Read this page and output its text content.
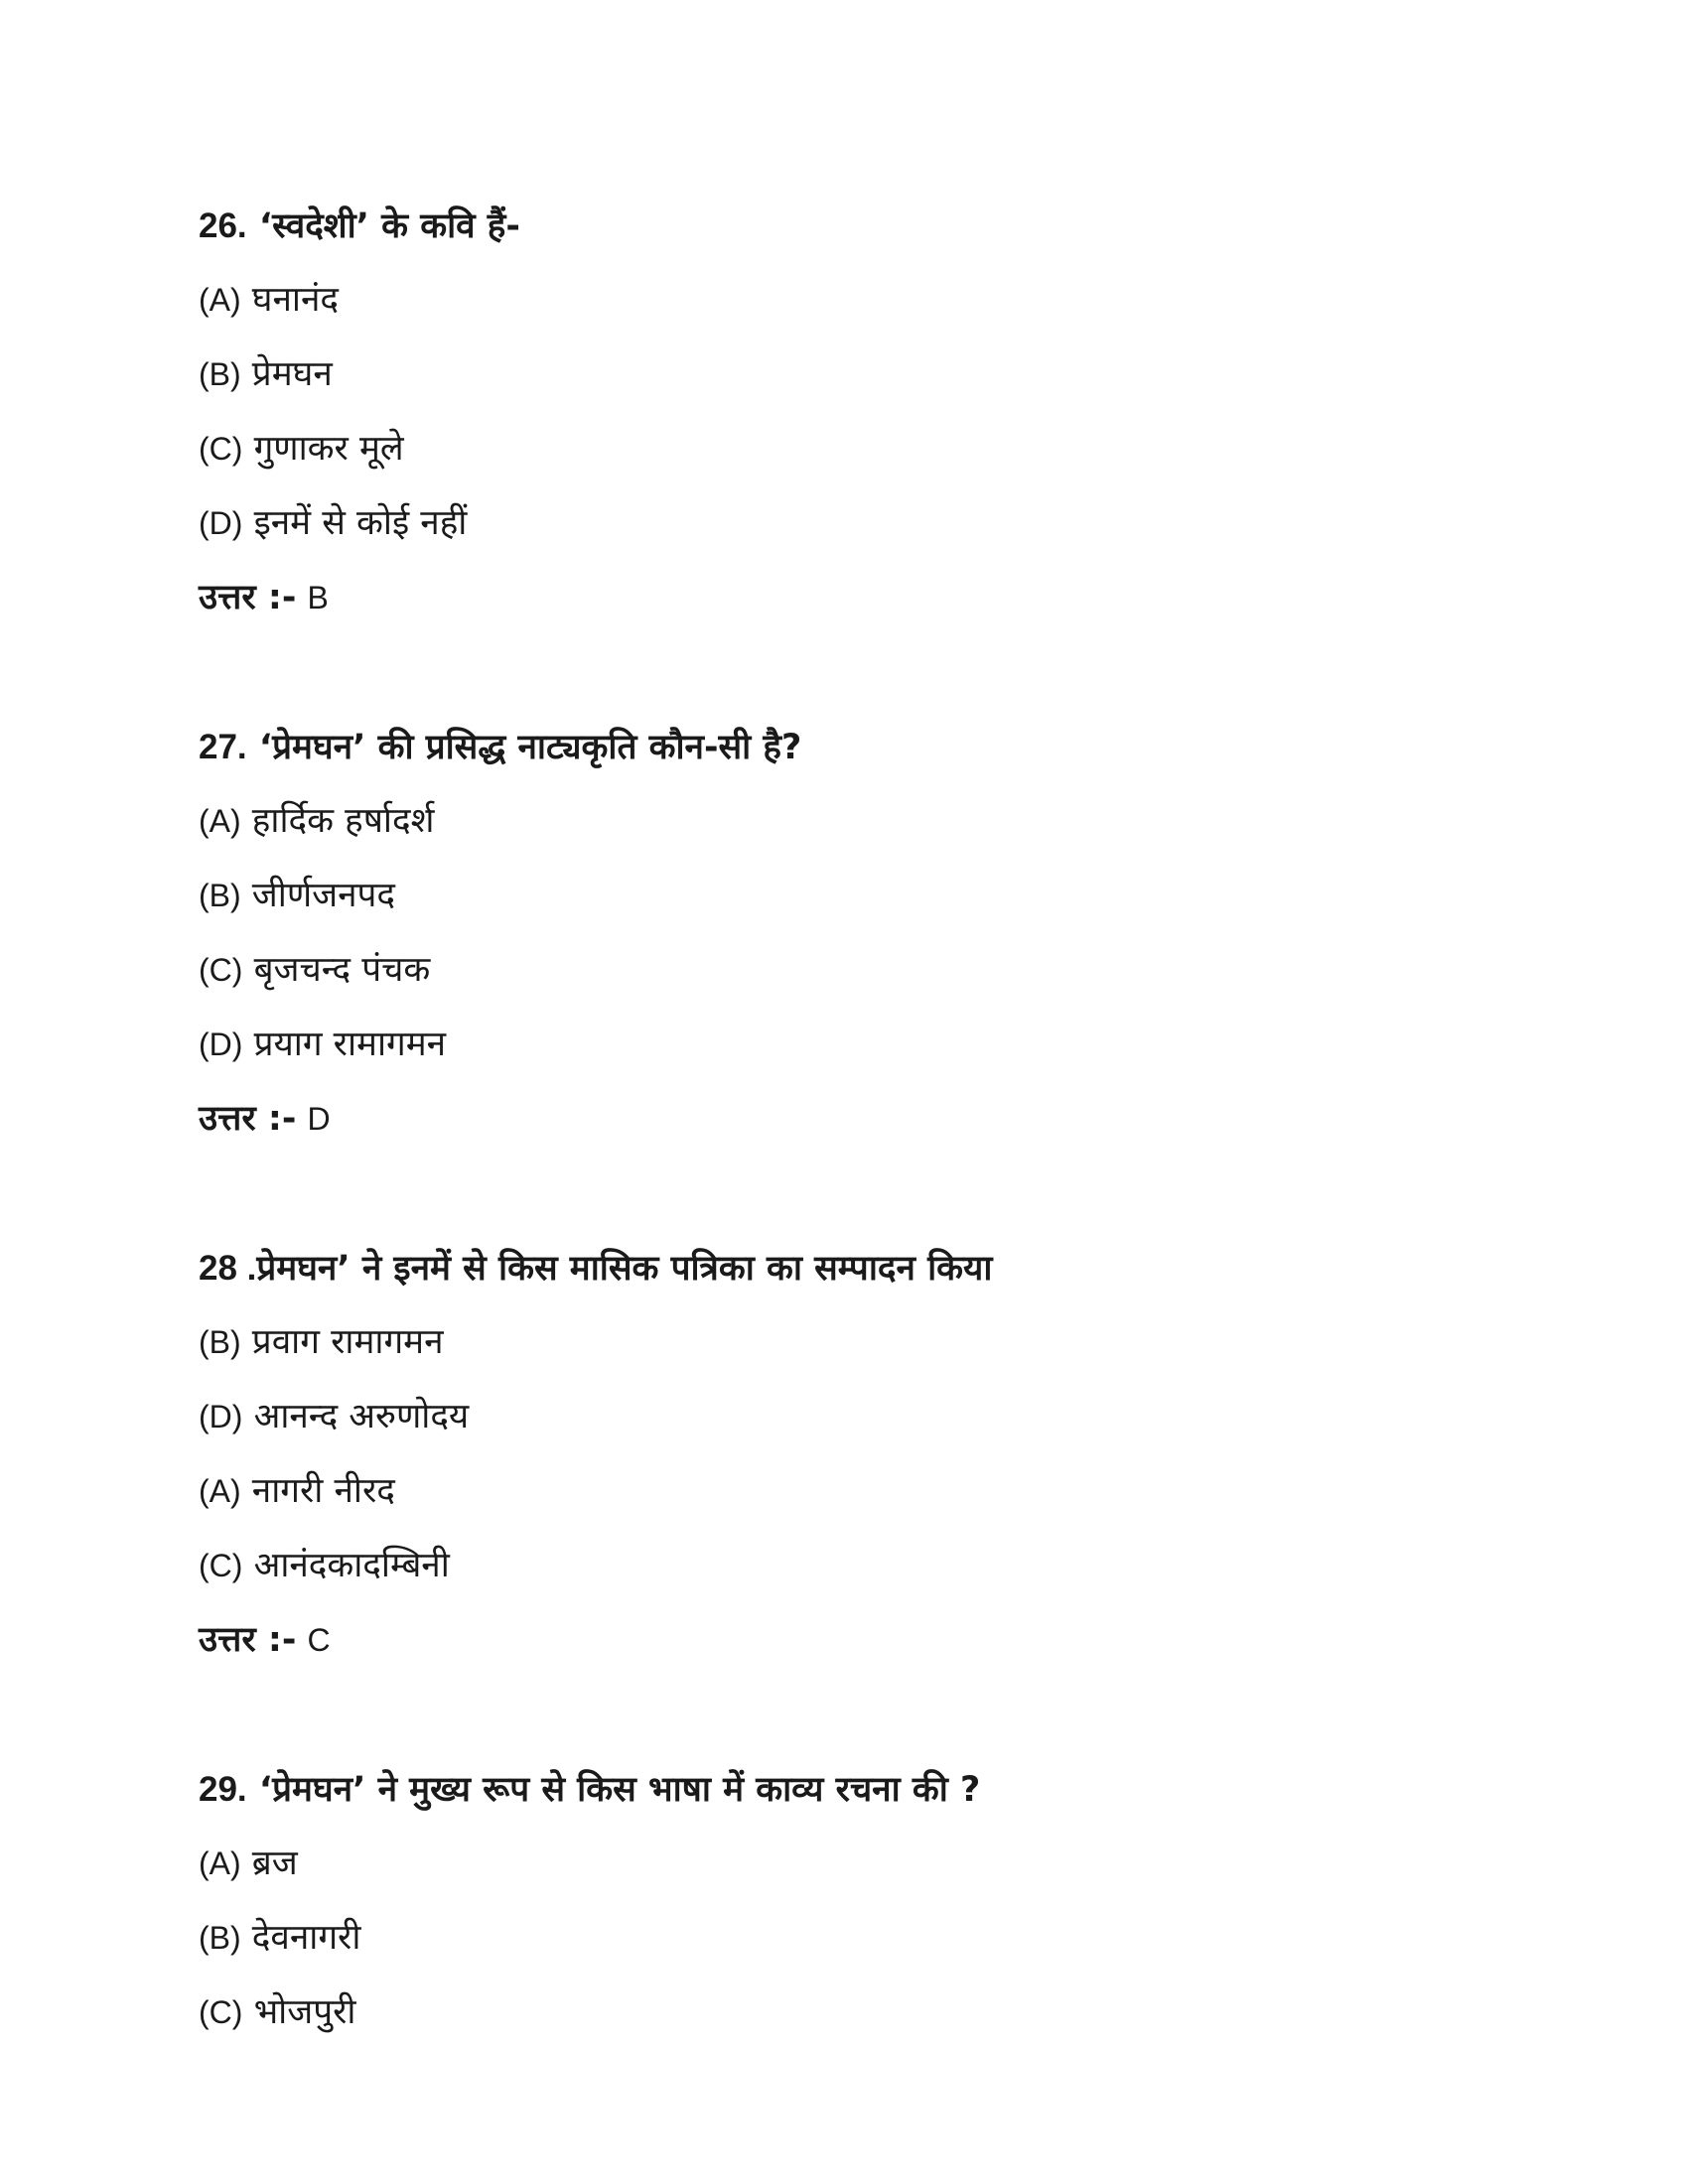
26. ‘स्वदेशी’ के कवि हैं-
(A) घनानंद
(B) प्रेमघन
(C) गुणाकर मूले
(D) इनमें से कोई नहीं
उत्तर :- B
27. ‘प्रेमघन’ की प्रसिद्ध नाट्यकृति कौन-सी है?
(A) हार्दिक हर्षादर्श
(B) जीर्णजनपद
(C) बृजचन्द पंचक
(D) प्रयाग रामागमन
उत्तर :- D
28 .प्रेमघन’ ने इनमें से किस मासिक पत्रिका का सम्पादन किया
(B) प्रवाग रामागमन
(D) आनन्द अरुणोदय
(A) नागरी नीरद
(C) आनंदकादम्बिनी
उत्तर :- C
29. ‘प्रेमघन’ ने मुख्य रूप से किस भाषा में काव्य रचना की ?
(A) ब्रज
(B) देवनागरी
(C) भोजपुरी
